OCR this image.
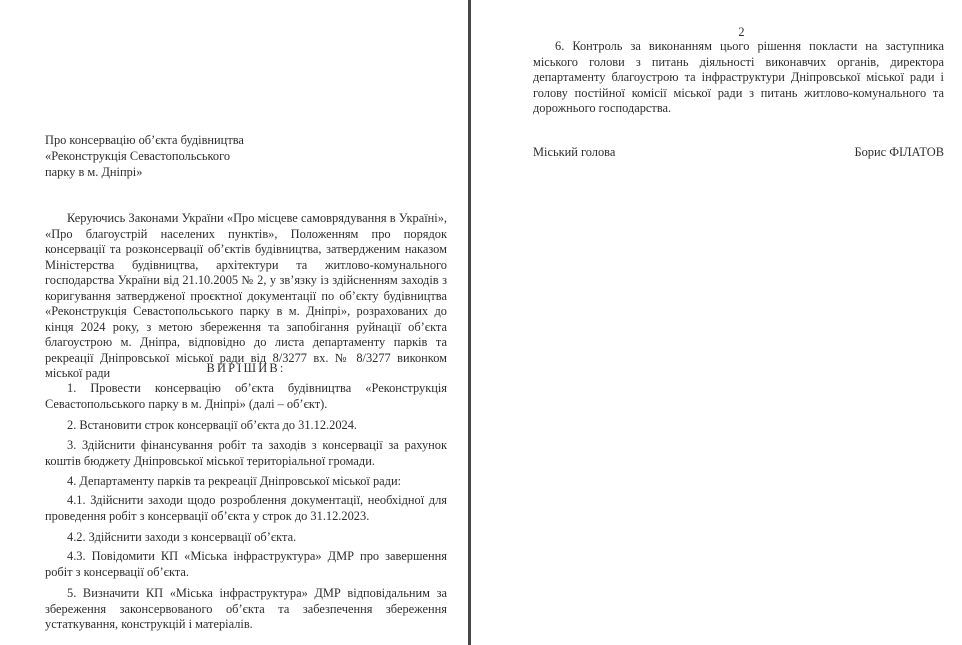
Про консервацію об’єкта будівництва
«Реконструкція Севастопольського
парку в м. Дніпрі»
Керуючись Законами України «Про місцеве самоврядування в Україні», «Про благоустрій населених пунктів», Положенням про порядок консервації та розконсервації об’єктів будівництва, затвердженим наказом Міністерства будівництва, архітектури та житлово-комунального господарства України від 21.10.2005 № 2, у зв’язку із здійсненням заходів з коригування затвердженої проєктної документації по об’єкту будівництва «Реконструкція Севастопольського парку в м. Дніпрі», розрахованих до кінця 2024 року, з метою збереження та запобігання руйнації об’єкта благоустрою м. Дніпра, відповідно до листа департаменту парків та рекреації Дніпровської міської ради від 8/3277 вх. № 8/3277 виконком міської ради	ВИРІШИВ:
1. Провести консервацію об’єкта будівництва «Реконструкція Севастопольського парку в м. Дніпрі» (далі – об’єкт).
2. Встановити строк консервації об’єкта до 31.12.2024.
3. Здійснити фінансування робіт та заходів з консервації за рахунок коштів бюджету Дніпровської міської територіальної громади.
4. Департаменту парків та рекреації Дніпровської міської ради:
4.1. Здійснити заходи щодо розроблення документації, необхідної для проведення робіт з консервації об’єкта у строк до 31.12.2023.
4.2. Здійснити заходи з консервації об’єкта.
4.3. Повідомити КП «Міська інфраструктура» ДМР про завершення робіт з консервації об’єкта.
5. Визначити КП «Міська інфраструктура» ДМР відповідальним за збереження законсервованого об’єкта та забезпечення збереження устаткування, конструкцій і матеріалів.
2
6. Контроль за виконанням цього рішення покласти на заступника міського голови з питань діяльності виконавчих органів, директора департаменту благоустрою та інфраструктури Дніпровської міської ради і голову постійної комісії міської ради з питань житлово-комунального та дорожнього господарства.
Міський голова	Борис ФІЛАТОВ
